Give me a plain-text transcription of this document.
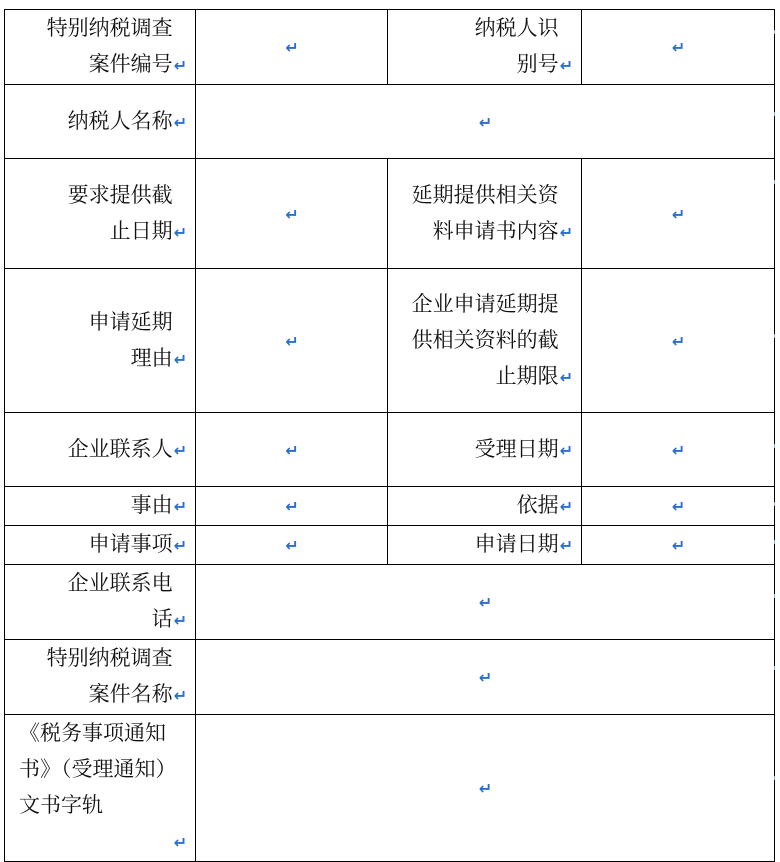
特别纳税调查案件编号↵	↵	纳税人识别号↵	↵
纳税人名称↵	↵		
要求提供截止日期↵	↵	延期提供相关资料申请书内容↵	↵
申请延期理由↵	↵	企业申请延期提供相关资料的截止期限↵	↵
企业联系人↵	↵	受理日期↵	↵
事由↵	↵	依据↵	↵
申请事项↵	↵	申请日期↵	↵
企业联系电话↵	↵		
特别纳税调查案件名称↵	↵		
《税务事项通知书》（受理通知）文书字轨↵	↵		
